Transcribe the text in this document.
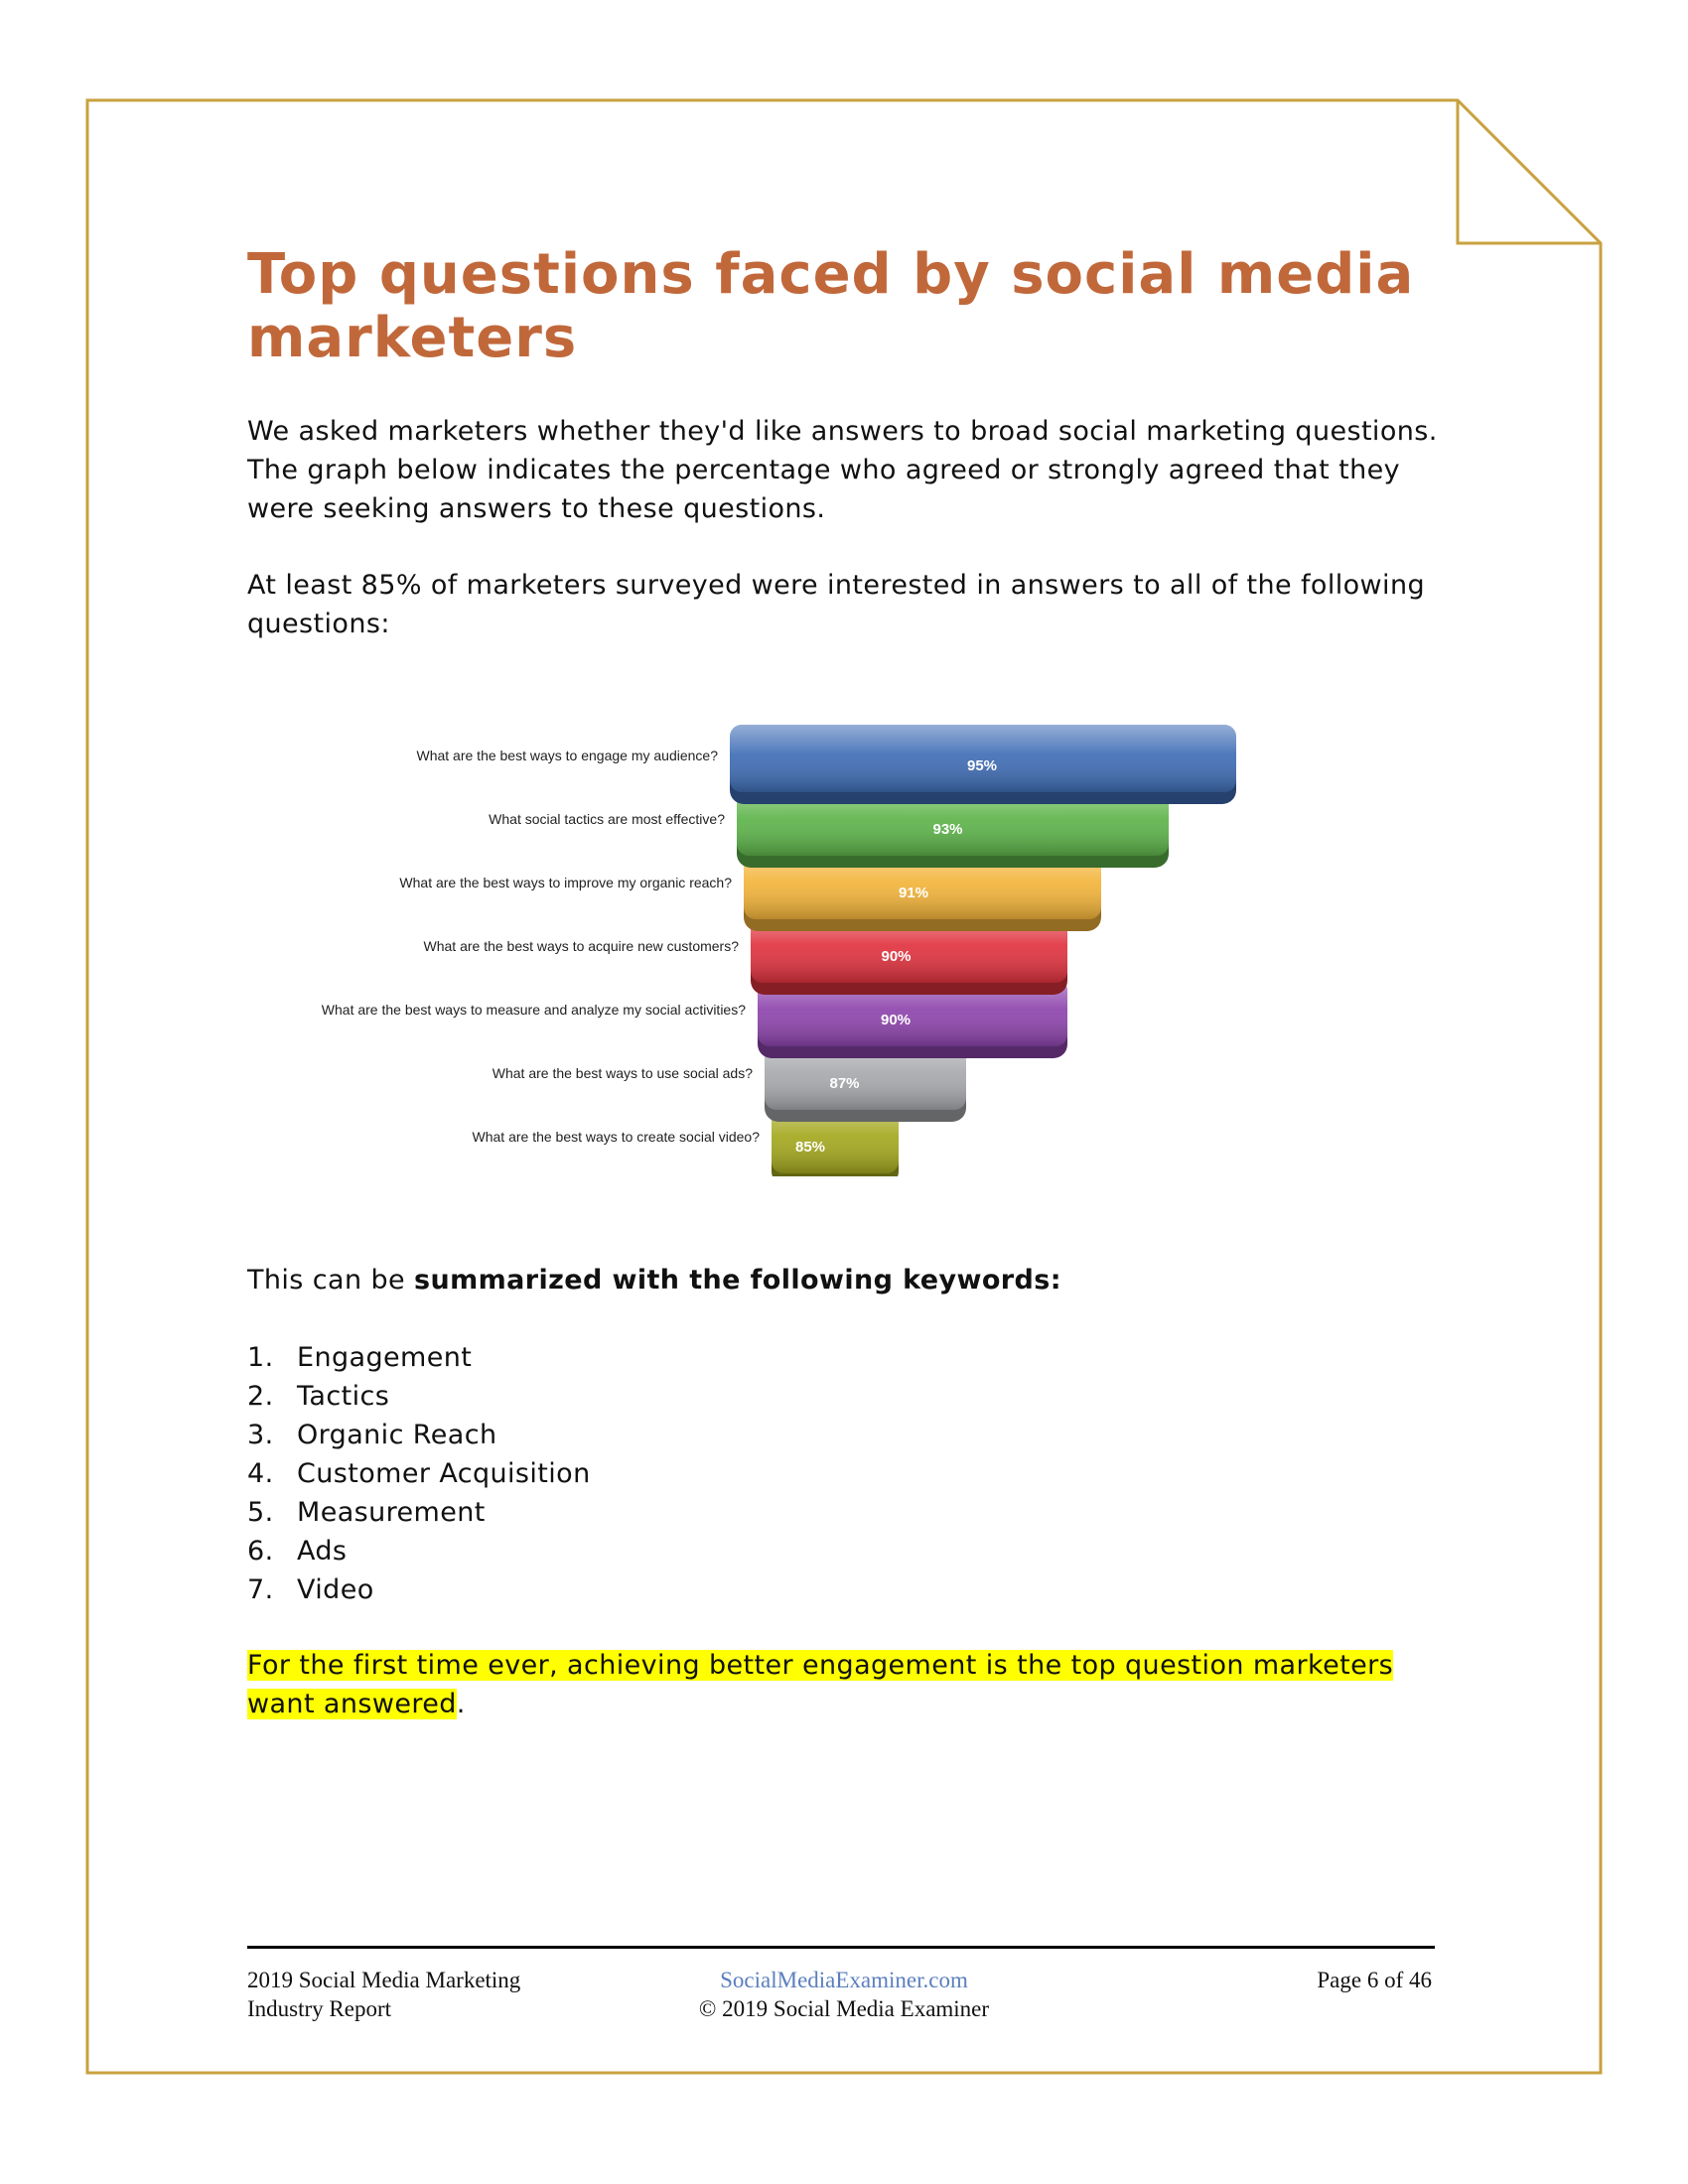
Top questions faced by social media marketers

We asked marketers whether they'd like answers to broad social marketing questions. The graph below indicates the percentage who agreed or strongly agreed that they were seeking answers to these questions.

At least 85% of marketers surveyed were interested in answers to all of the following questions:

85%
What are the best ways to create social video?
87%
What are the best ways to use social ads?
90%
What are the best ways to measure and analyze my social activities?
90%
What are the best ways to acquire new customers?
91%
What are the best ways to improve my organic reach?
93%
What social tactics are most effective?
95%
What are the best ways to engage my audience?

This can be summarized with the following keywords:

1. Engagement
2. Tactics
3. Organic Reach
4. Customer Acquisition
5. Measurement
6. Ads
7. Video

For the first time ever, achieving better engagement is the top question marketers want answered.

2019 Social Media Marketing
Industry Report
SocialMediaExaminer.com
© 2019 Social Media Examiner
Page 6 of 46
